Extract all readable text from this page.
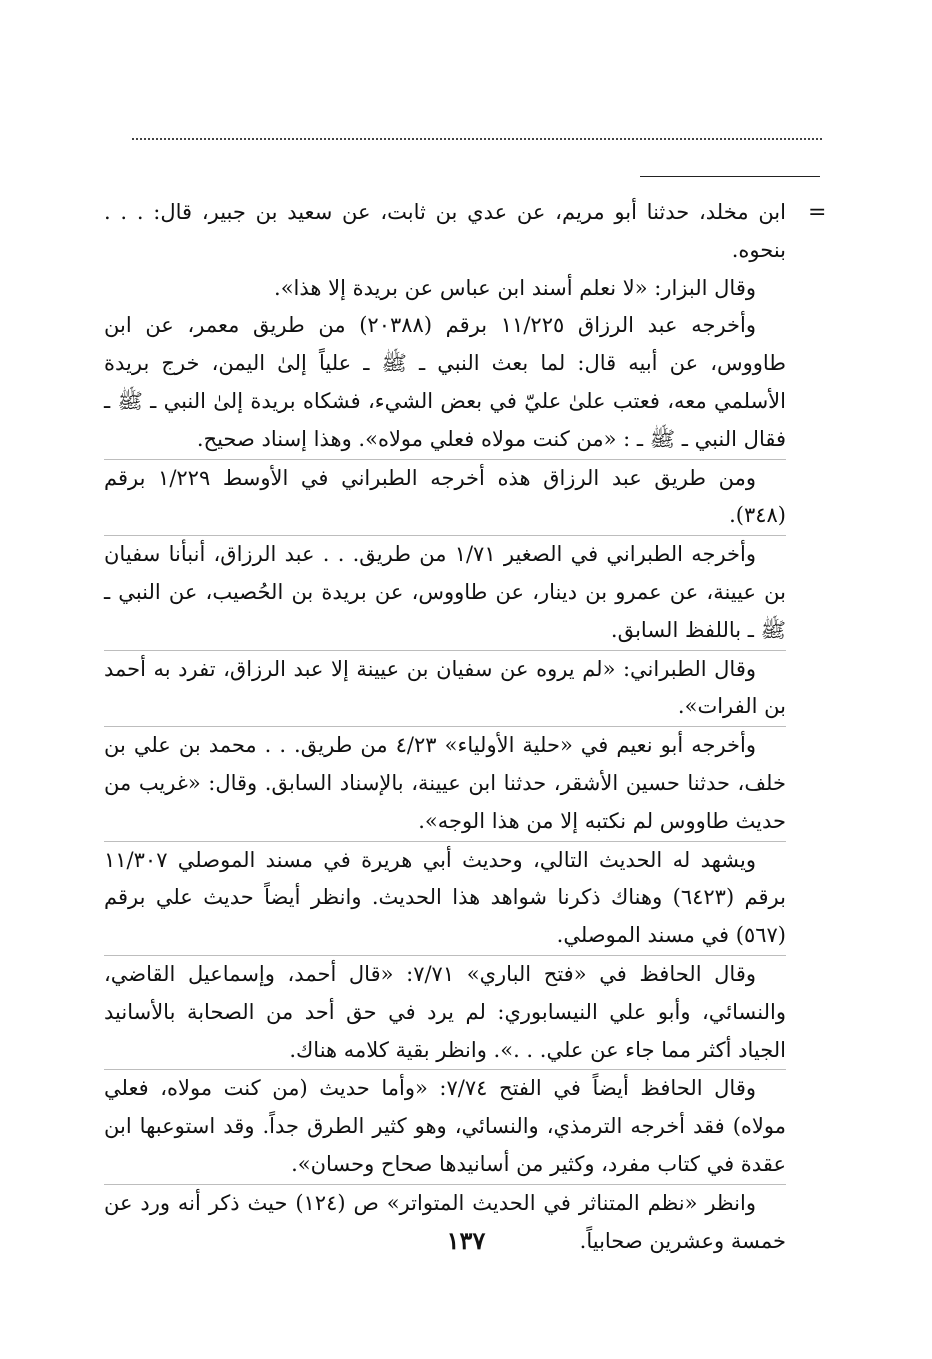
=

ابن مخلد، حدثنا أبو مريم، عن عدي بن ثابت، عن سعيد بن جبير، قال: . . . بنحوه.

وقال البزار: «لا نعلم أسند ابن عباس عن بريدة إلا هذا».

وأخرجه عبد الرزاق ١١/٢٢٥ برقم (٢٠٣٨٨) من طريق معمر، عن ابن طاووس، عن أبيه قال: لما بعث النبي ـ ﷺ ـ علياً إلىٰ اليمن، خرج بريدة الأسلمي معه، فعتب علىٰ عليّ في بعض الشيء، فشكاه بريدة إلىٰ النبي ـ ﷺ ـ فقال النبي ـ ﷺ ـ : «من كنت مولاه فعلي مولاه». وهذا إسناد صحيح.

ومن طريق عبد الرزاق هذه أخرجه الطبراني في الأوسط ١/٢٢٩ برقم (٣٤٨).

وأخرجه الطبراني في الصغير ١/٧١ من طريق. . . عبد الرزاق، أنبأنا سفيان بن عيينة، عن عمرو بن دينار، عن طاووس، عن بريدة بن الحُصيب، عن النبي ـ ﷺ ـ باللفظ السابق.

وقال الطبراني: «لم يروه عن سفيان بن عيينة إلا عبد الرزاق، تفرد به أحمد بن الفرات».

وأخرجه أبو نعيم في «حلية الأولياء» ٤/٢٣ من طريق. . . محمد بن علي بن خلف، حدثنا حسين الأشقر، حدثنا ابن عيينة، بالإسناد السابق. وقال: «غريب من حديث طاووس لم نكتبه إلا من هذا الوجه».

ويشهد له الحديث التالي، وحديث أبي هريرة في مسند الموصلي ١١/٣٠٧ برقم (٦٤٢٣) وهناك ذكرنا شواهد هذا الحديث. وانظر أيضاً حديث علي برقم (٥٦٧) في مسند الموصلي.

وقال الحافظ في «فتح الباري» ٧/٧١: «قال أحمد، وإسماعيل القاضي، والنسائي، وأبو علي النيسابوري: لم يرد في حق أحد من الصحابة بالأسانيد الجياد أكثر مما جاء عن علي. . .». وانظر بقية كلامه هناك.

وقال الحافظ أيضاً في الفتح ٧/٧٤: «وأما حديث (من كنت مولاه، فعلي مولاه) فقد أخرجه الترمذي، والنسائي، وهو كثير الطرق جداً. وقد استوعبها ابن عقدة في كتاب مفرد، وكثير من أسانيدها صحاح وحسان».

وانظر «نظم المتناثر في الحديث المتواتر» ص (١٢٤) حيث ذكر أنه ورد عن خمسة وعشرين صحابياً.

١٣٧
